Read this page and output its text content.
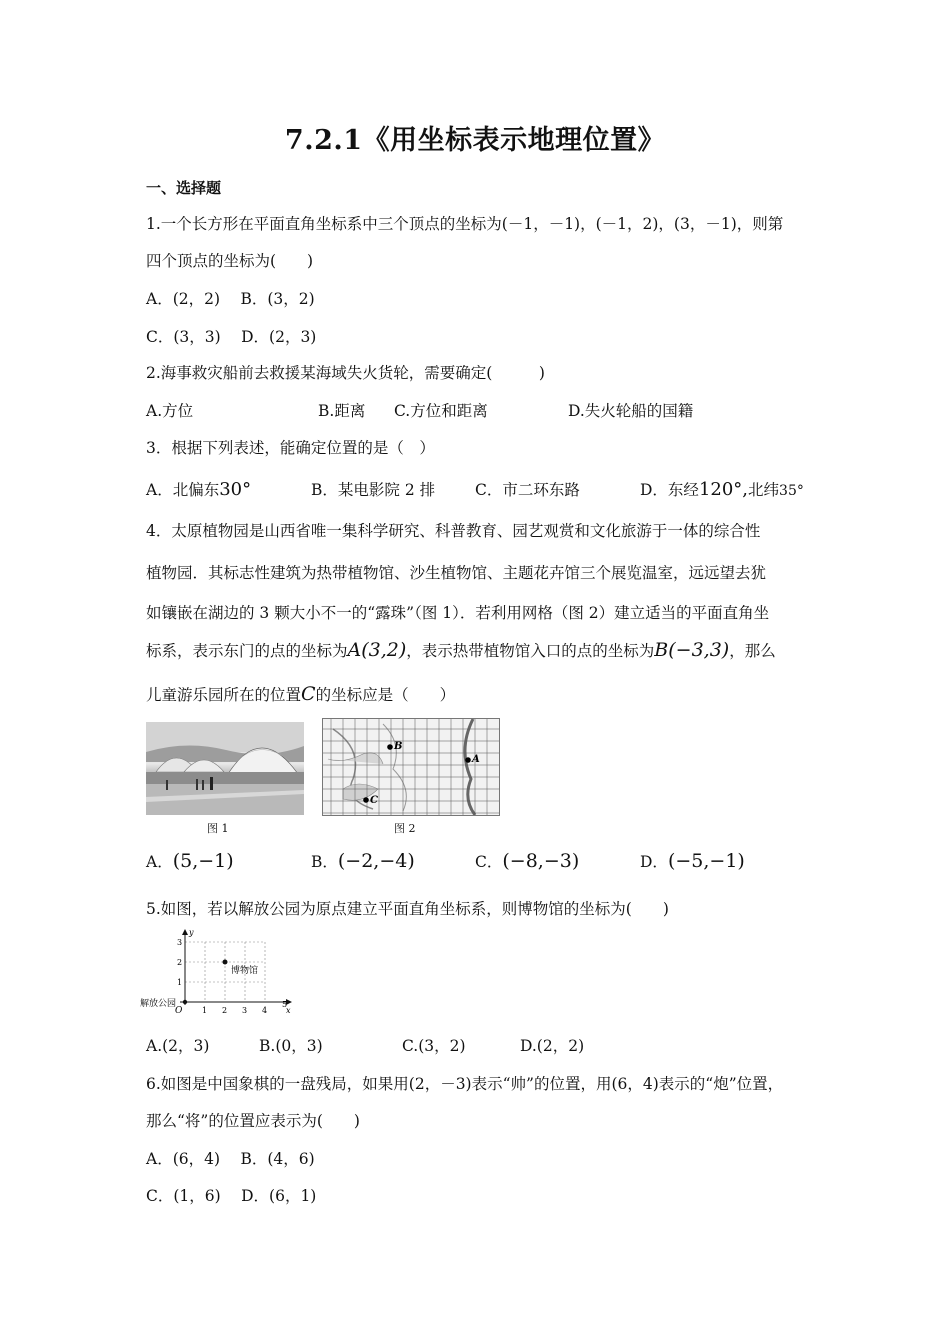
7.2.1《用坐标表示地理位置》
一、选择题
1.一个长方形在平面直角坐标系中三个顶点的坐标为(－1，－1)，(－1，2)，(3，－1)，则第
四个顶点的坐标为(　　)
A．(2，2)　 B．(3，2)
C．(3，3)　 D．(2，3)
2.海事救灾船前去救援某海域失火货轮，需要确定(　　　)
A.方位	B.距离 C.方位和距离	D.失火轮船的国籍
3．根据下列表述，能确定位置的是（　）
A．北偏东30°	B．某电影院 2 排	C．市二环东路	D．东经120°,北纬35°
4．太原植物园是山西省唯一集科学研究、科普教育、园艺观赏和文化旅游于一体的综合性
植物园．其标志性建筑为热带植物馆、沙生植物馆、主题花卉馆三个展览温室，远远望去犹
如镶嵌在湖边的 3 颗大小不一的“露珠”（图 1）．若利用网格（图 2）建立适当的平面直角坐
标系，表示东门的点的坐标为A(3,2)，表示热带植物馆入口的点的坐标为B(−3,3)，那么
儿童游乐园所在的位置C的坐标应是（　　）
图 1
B
A
C
图 2
A．(5,−1)	B．(−2,−4)	C．(−8,−3)	D．(−5,−1)
5.如图，若以解放公园为原点建立平面直角坐标系，则博物馆的坐标为(　　)
y
x
O
解放公园
博物馆
1 2 3 4
5
1
2
3
A.(2，3)	B.(0，3)	C.(3，2)	D.(2，2)
6.如图是中国象棋的一盘残局，如果用(2，－3)表示“帅”的位置，用(6，4)表示的“炮”位置，
那么“将”的位置应表示为(　　)
A．(6，4)　 B．(4，6)
C．(1，6)　 D．(6，1)
